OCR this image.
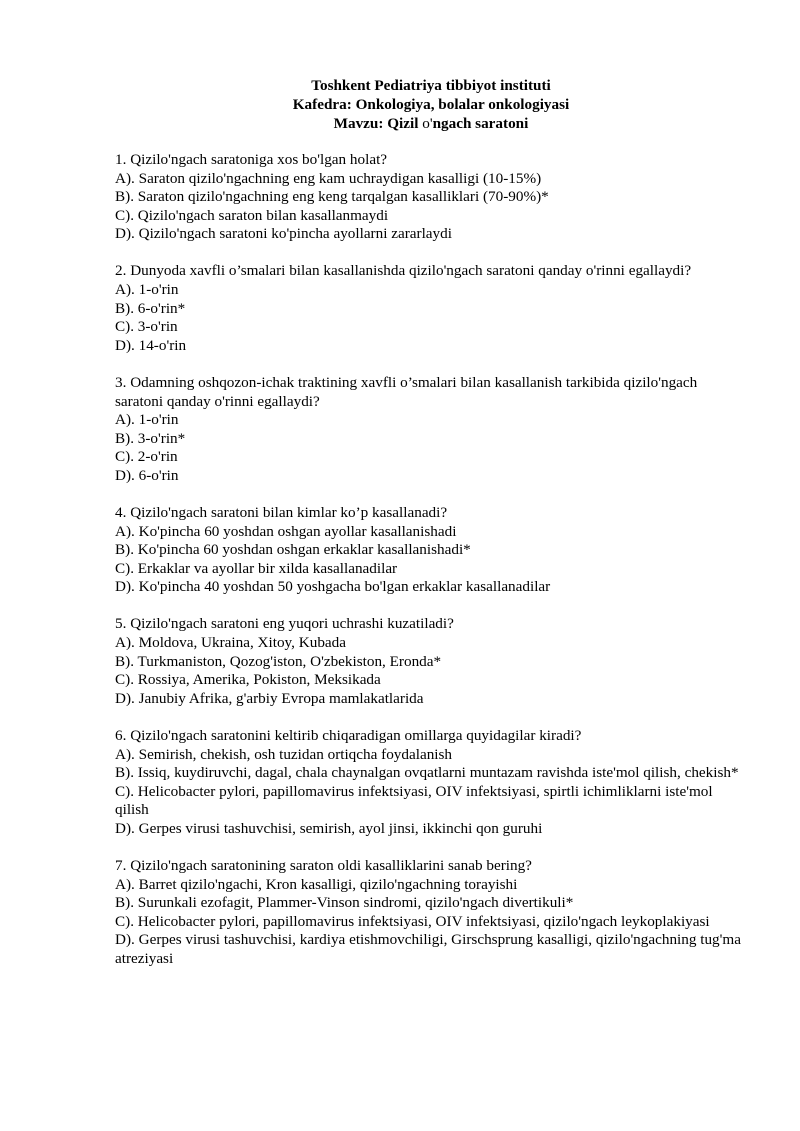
Toshkent Pediatriya tibbiyot instituti
Kafedra: Onkologiya, bolalar onkologiyasi
Mavzu: Qizil o'ngach saratoni
1. Qizilo'ngach saratoniga xos bo'lgan holat?
A). Saraton qizilo'ngachning eng kam uchraydigan kasalligi (10-15%)
B). Saraton qizilo'ngachning eng keng tarqalgan kasalliklari (70-90%)*
C). Qizilo'ngach saraton bilan kasallanmaydi
D). Qizilo'ngach saratoni ko'pincha ayollarni zararlaydi
2. Dunyoda xavfli o’smalari bilan kasallanishda qizilo'ngach saratoni qanday o'rinni egallaydi?
A). 1-o'rin
B). 6-o'rin*
C). 3-o'rin
D). 14-o'rin
3. Odamning oshqozon-ichak traktining xavfli o’smalari bilan kasallanish tarkibida qizilo'ngach saratoni qanday o'rinni egallaydi?
A). 1-o'rin
B). 3-o'rin*
C). 2-o'rin
D). 6-o'rin
4. Qizilo'ngach saratoni bilan kimlar ko’p kasallanadi?
A). Ko'pincha 60 yoshdan oshgan ayollar kasallanishadi
B). Ko'pincha 60 yoshdan oshgan erkaklar kasallanishadi*
C). Erkaklar va ayollar bir xilda kasallanadilar
D). Ko'pincha 40 yoshdan 50 yoshgacha bo'lgan erkaklar kasallanadilar
5. Qizilo'ngach saratoni eng yuqori uchrashi kuzatiladi?
A). Moldova, Ukraina, Xitoy, Kubada
B). Turkmaniston, Qozog'iston, O'zbekiston, Eronda*
C). Rossiya, Amerika, Pokiston, Meksikada
D). Janubiy Afrika, g'arbiy Evropa mamlakatlarida
6. Qizilo'ngach saratonini keltirib chiqaradigan omillarga quyidagilar kiradi?
A). Semirish, chekish, osh tuzidan ortiqcha foydalanish
B). Issiq, kuydiruvchi, dagal, chala chaynalgan ovqatlarni muntazam ravishda iste'mol qilish, chekish*
C). Helicobacter pylori, papillomavirus infektsiyasi, OIV infektsiyasi, spirtli ichimliklarni iste'mol qilish
D). Gerpes virusi tashuvchisi, semirish, ayol jinsi, ikkinchi qon guruhi
7. Qizilo'ngach saratonining saraton oldi kasalliklarini sanab bering?
A). Barret qizilo'ngachi, Kron kasalligi, qizilo'ngachning torayishi
B). Surunkali ezofagit, Plammer-Vinson sindromi, qizilo'ngach divertikuli*
C). Helicobacter pylori, papillomavirus infektsiyasi, OIV infektsiyasi, qizilo'ngach leykoplakiyasi
D). Gerpes virusi tashuvchisi, kardiya etishmovchiligi, Girschsprung kasalligi, qizilo'ngachning tug'ma atreziyasi
